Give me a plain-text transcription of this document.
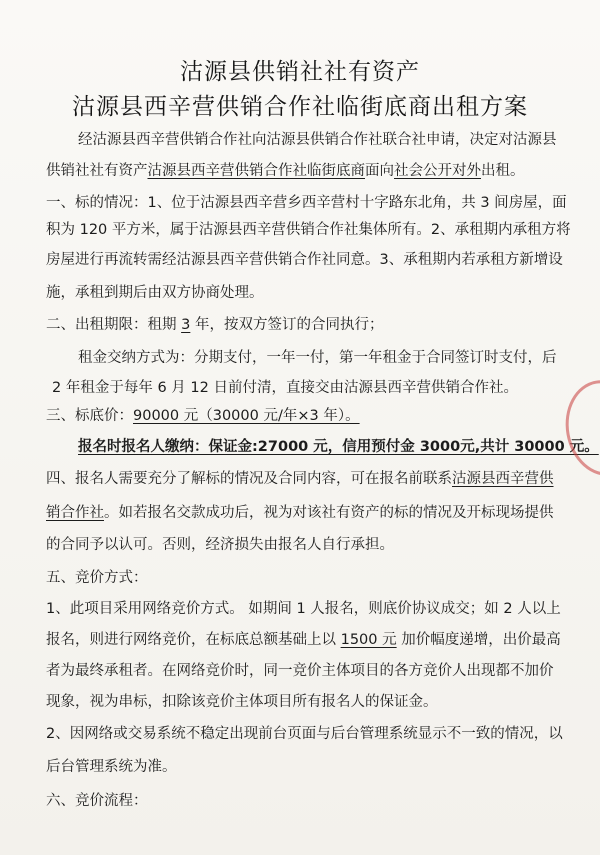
沽源县供销社社有资产
沽源县西辛营供销合作社临街底商出租方案
经沽源县西辛营供销合作社向沽源县供销合作社联合社申请，决定对沽源县
供销社社有资产沽源县西辛营供销合作社临街底商面向社会公开对外出租。
一、标的情况：1、位于沽源县西辛营乡西辛营村十字路东北角，共 3 间房屋，面
积为 120 平方米，属于沽源县西辛营供销合作社集体所有。2、承租期内承租方将
房屋进行再流转需经沽源县西辛营供销合作社同意。3、承租期内若承租方新增设
施，承租到期后由双方协商处理。
二、出租期限：租期 3 年，按双方签订的合同执行；
租金交纳方式为：分期支付，一年一付，第一年租金于合同签订时支付，后
2 年租金于每年 6 月 12 日前付清，直接交由沽源县西辛营供销合作社。
三、标底价：90000 元（30000 元/年×3 年）。
报名时报名人缴纳：保证金:27000 元，信用预付金 3000元,共计 30000 元。
四、报名人需要充分了解标的情况及合同内容，可在报名前联系沽源县西辛营供
销合作社。如若报名交款成功后，视为对该社有资产的标的情况及开标现场提供
的合同予以认可。否则，经济损失由报名人自行承担。
五、竞价方式：
1、此项目采用网络竞价方式。 如期间 1 人报名，则底价协议成交；如 2 人以上
报名，则进行网络竞价，在标底总额基础上以 1500 元 加价幅度递增，出价最高
者为最终承租者。在网络竞价时，同一竞价主体项目的各方竞价人出现都不加价
现象，视为串标，扣除该竞价主体项目所有报名人的保证金。
2、因网络或交易系统不稳定出现前台页面与后台管理系统显示不一致的情况，以
后台管理系统为准。
六、竞价流程：
